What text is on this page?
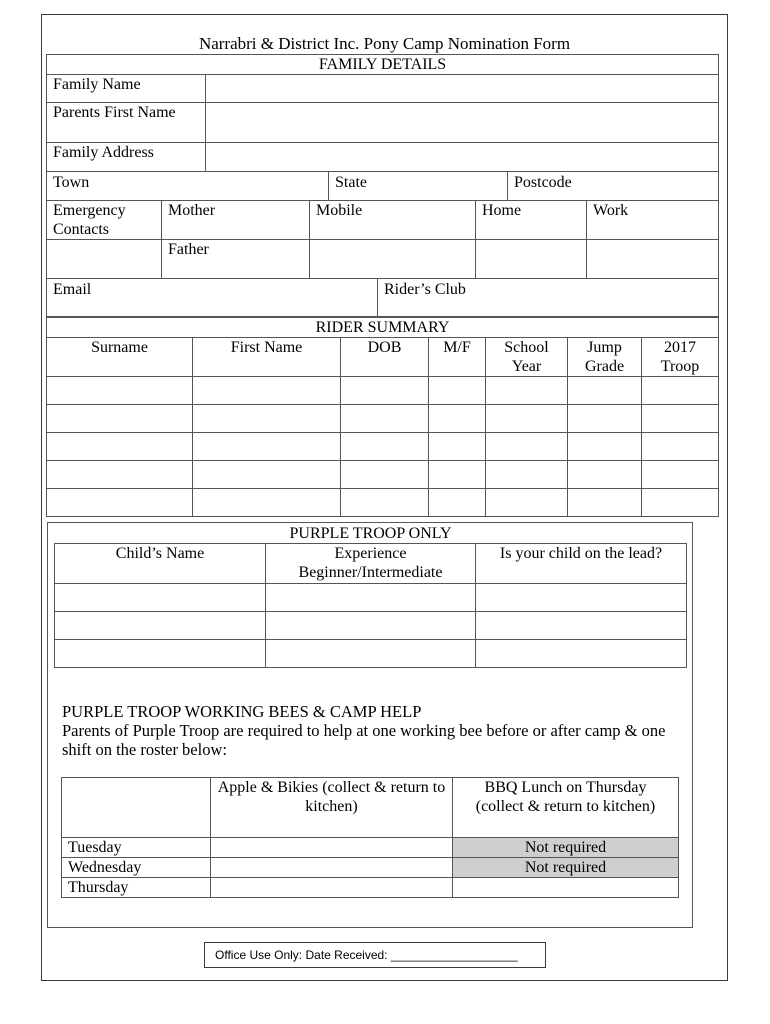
Narrabri & District Inc. Pony Camp Nomination Form
FAMILY DETAILS								
Family Name								
Parents First Name								
Family Address								
Town				State			Postcode	
Emergency Contacts	Mother		Mobile			Home		Work
	Father							
Email					Rider’s Club			
RIDER SUMMARY						
Surname	First Name	DOB	M/F	School Year	Jump Grade	2017 Troop

PURPLE TROOP ONLY		
Child’s Name	Experience Beginner/Intermediate	Is your child on the lead?

PURPLE TROOP WORKING BEES & CAMP HELP
Parents of Purple Troop are required to help at one working bee before or after camp & one shift on the roster below:
	Apple & Bikies (collect & return to kitchen)	BBQ Lunch on Thursday (collect & return to kitchen)
Tuesday		Not required
Wednesday		Not required
Thursday		
Office Use Only: Date Received: ___________________
